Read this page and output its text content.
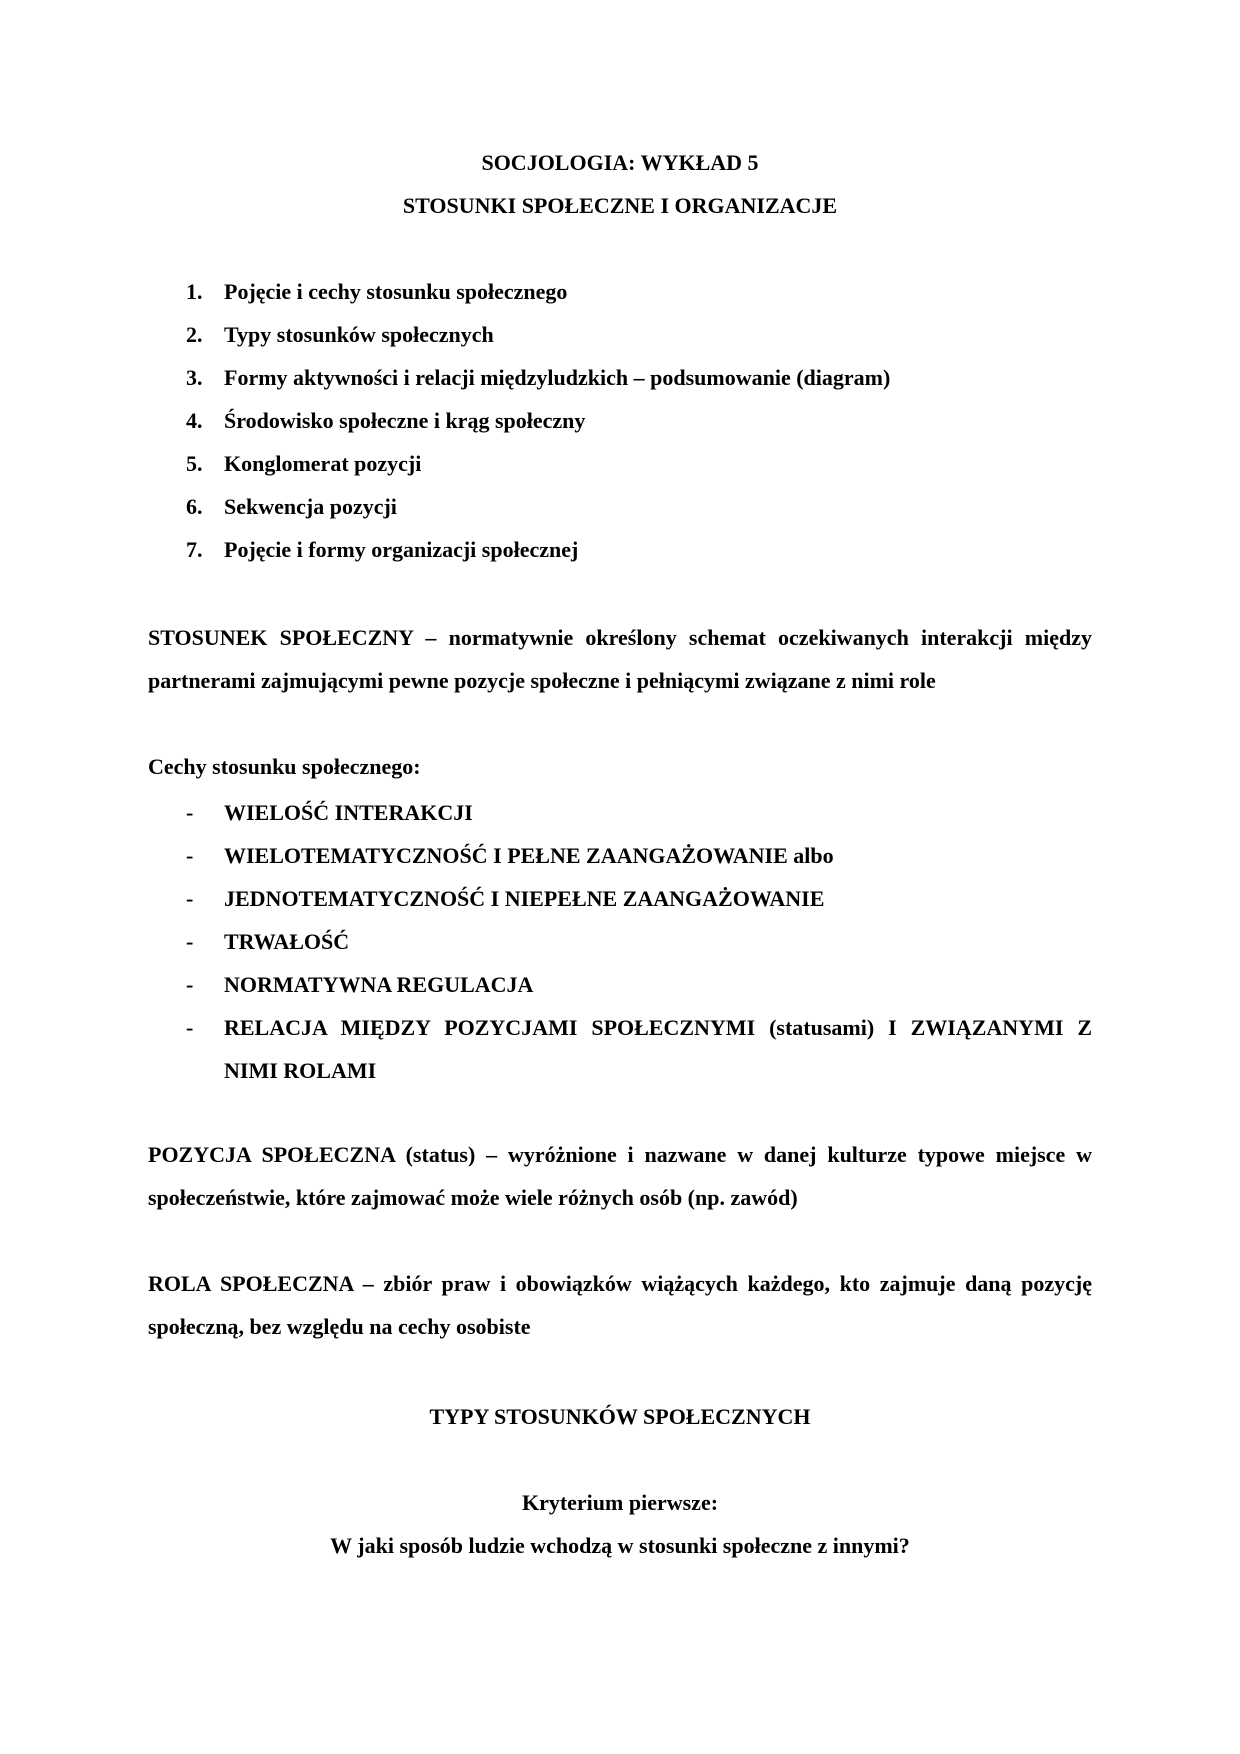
SOCJOLOGIA: WYKŁAD 5
STOSUNKI SPOŁECZNE I ORGANIZACJE
1. Pojęcie i cechy stosunku społecznego
2. Typy stosunków społecznych
3. Formy aktywności i relacji międzyludzkich – podsumowanie (diagram)
4. Środowisko społeczne i krąg społeczny
5. Konglomerat pozycji
6. Sekwencja pozycji
7. Pojęcie i formy organizacji społecznej

STOSUNEK SPOŁECZNY – normatywnie określony schemat oczekiwanych interakcji między partnerami zajmującymi pewne pozycje społeczne i pełniącymi związane z nimi role

Cechy stosunku społecznego:
- WIELOŚĆ INTERAKCJI
- WIELOTEMATYCZNOŚĆ I PEŁNE ZAANGAŻOWANIE albo
- JEDNOTEMATYCZNOŚĆ I NIEPEŁNE ZAANGAŻOWANIE
- TRWAŁOŚĆ
- NORMATYWNA REGULACJA
- RELACJA MIĘDZY POZYCJAMI SPOŁECZNYMI (statusami) I ZWIĄZANYMI Z NIMI ROLAMI

POZYCJA SPOŁECZNA (status) – wyróżnione i nazwane w danej kulturze typowe miejsce w społeczeństwie, które zajmować może wiele różnych osób (np. zawód)

ROLA SPOŁECZNA – zbiór praw i obowiązków wiążących każdego, kto zajmuje daną pozycję społeczną, bez względu na cechy osobiste

TYPY STOSUNKÓW SPOŁECZNYCH
Kryterium pierwsze:
W jaki sposób ludzie wchodzą w stosunki społeczne z innymi?
